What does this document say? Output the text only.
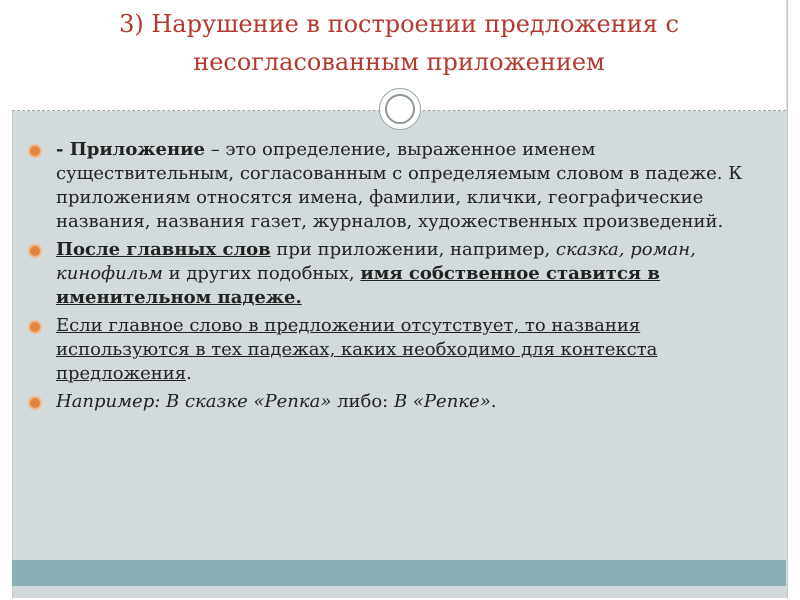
3) Нарушение в построении предложения с
несогласованным приложением
- Приложение – это определение, выраженное именем существительным, согласованным с определяемым словом в падеже. К приложениям относятся имена, фамилии, клички, географические названия, названия газет, журналов, художественных произведений.
После главных слов при приложении, например, сказка, роман, кинофильм и других подобных, имя собственное ставится в именительном падеже.
Если главное слово в предложении отсутствует, то названия используются в тех падежах, каких необходимо для контекста предложения.
Например: В сказке «Репка» либо: В «Репке».
